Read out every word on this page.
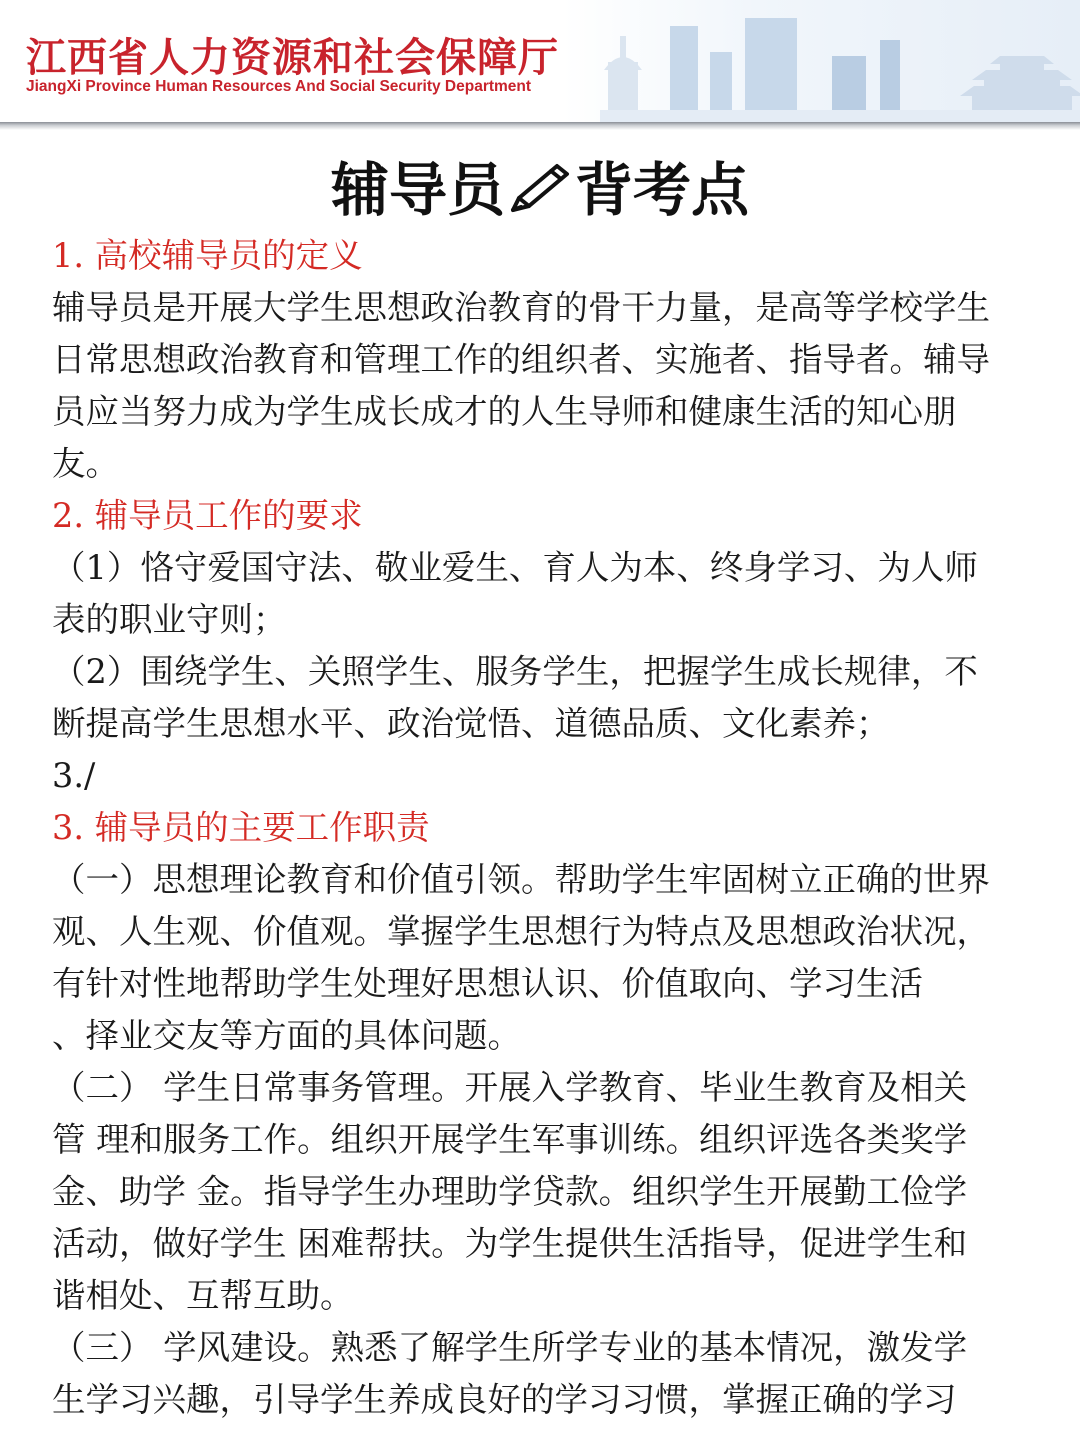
江西省人力资源和社会保障厅
JiangXi Province Human Resources And Social Security Department
辅导员 背考点
1. 高校辅导员的定义
辅导员是开展大学生思想政治教育的骨干力量，是高等学校学生
日常思想政治教育和管理工作的组织者、实施者、指导者。辅导
员应当努力成为学生成长成才的人生导师和健康生活的知心朋
友。
2. 辅导员工作的要求
（1）恪守爱国守法、敬业爱生、育人为本、终身学习、为人师
表的职业守则；
（2）围绕学生、关照学生、服务学生，把握学生成长规律，不
断提高学生思想水平、政治觉悟、道德品质、文化素养；
3./
3. 辅导员的主要工作职责
（一）思想理论教育和价值引领。帮助学生牢固树立正确的世界
观、人生观、价值观。掌握学生思想行为特点及思想政治状况，
有针对性地帮助学生处理好思想认识、价值取向、学习生活
、择业交友等方面的具体问题。
（二） 学生日常事务管理。开展入学教育、毕业生教育及相关
管 理和服务工作。组织开展学生军事训练。组织评选各类奖学
金、助学 金。指导学生办理助学贷款。组织学生开展勤工俭学
活动，做好学生 困难帮扶。为学生提供生活指导，促进学生和
谐相处、互帮互助。
（三） 学风建设。熟悉了解学生所学专业的基本情况，激发学
生学习兴趣，引导学生养成良好的学习习惯，掌握正确的学习
